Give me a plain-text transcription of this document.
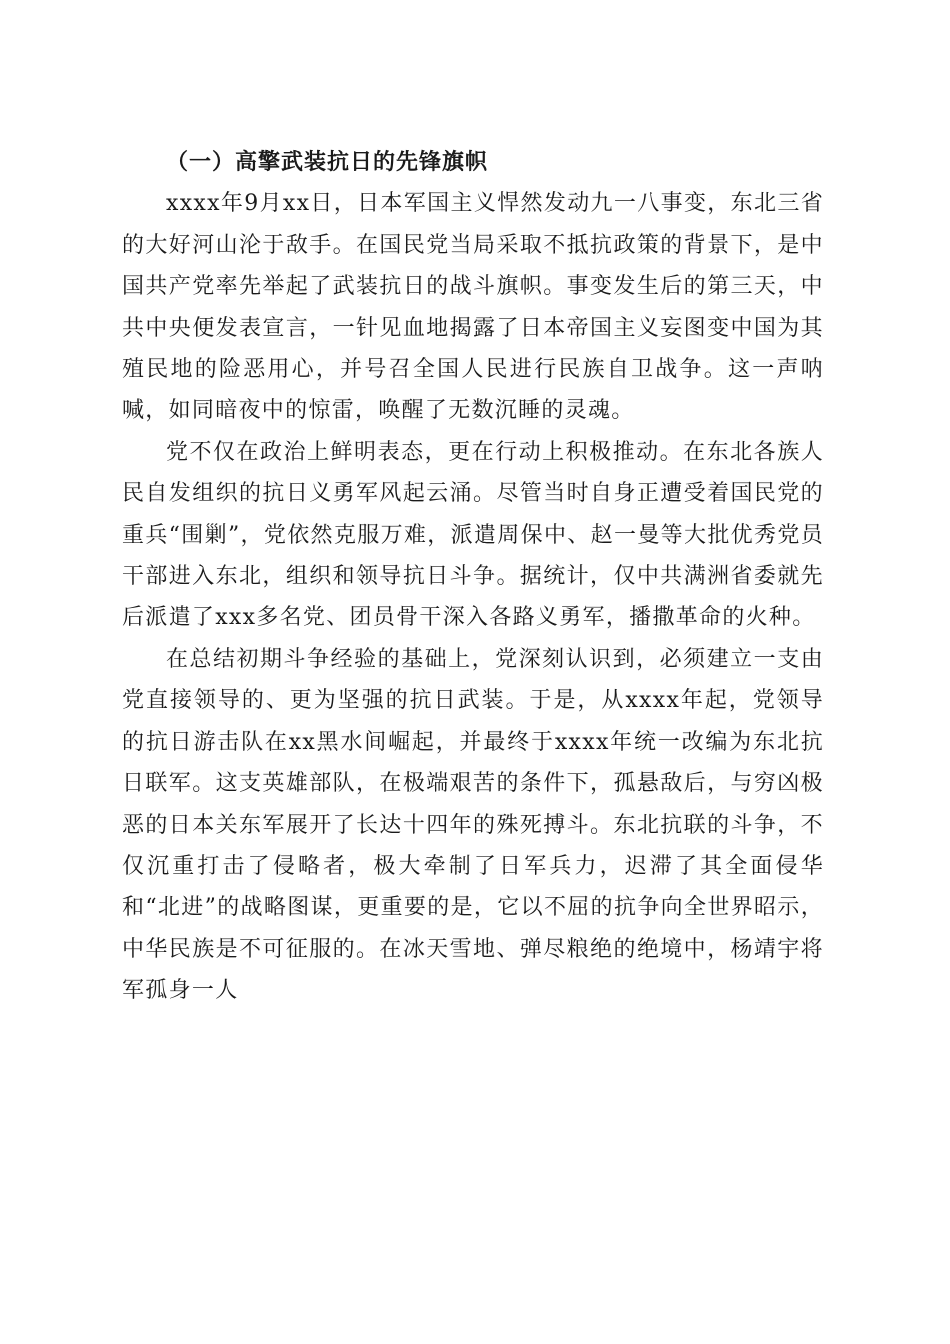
（一）高擎武装抗日的先锋旗帜

xxxx年9月xx日，日本军国主义悍然发动九一八事变，东北三省的大好河山沦于敌手。在国民党当局采取不抵抗政策的背景下，是中国共产党率先举起了武装抗日的战斗旗帜。事变发生后的第三天，中共中央便发表宣言，一针见血地揭露了日本帝国主义妄图变中国为其殖民地的险恶用心，并号召全国人民进行民族自卫战争。这一声呐喊，如同暗夜中的惊雷，唤醒了无数沉睡的灵魂。

党不仅在政治上鲜明表态，更在行动上积极推动。在东北各族人民自发组织的抗日义勇军风起云涌。尽管当时自身正遭受着国民党的重兵“围剿”，党依然克服万难，派遣周保中、赵一曼等大批优秀党员干部进入东北，组织和领导抗日斗争。据统计，仅中共满洲省委就先后派遣了xxx多名党、团员骨干深入各路义勇军，播撒革命的火种。

在总结初期斗争经验的基础上，党深刻认识到，必须建立一支由党直接领导的、更为坚强的抗日武装。于是，从xxxx年起，党领导的抗日游击队在xx黑水间崛起，并最终于xxxx年统一改编为东北抗日联军。这支英雄部队，在极端艰苦的条件下，孤悬敌后，与穷凶极恶的日本关东军展开了长达十四年的殊死搏斗。东北抗联的斗争，不仅沉重打击了侵略者，极大牵制了日军兵力，迟滞了其全面侵华和“北进”的战略图谋，更重要的是，它以不屈的抗争向全世界昭示，中华民族是不可征服的。在冰天雪地、弹尽粮绝的绝境中，杨靖宇将军孤身一人
